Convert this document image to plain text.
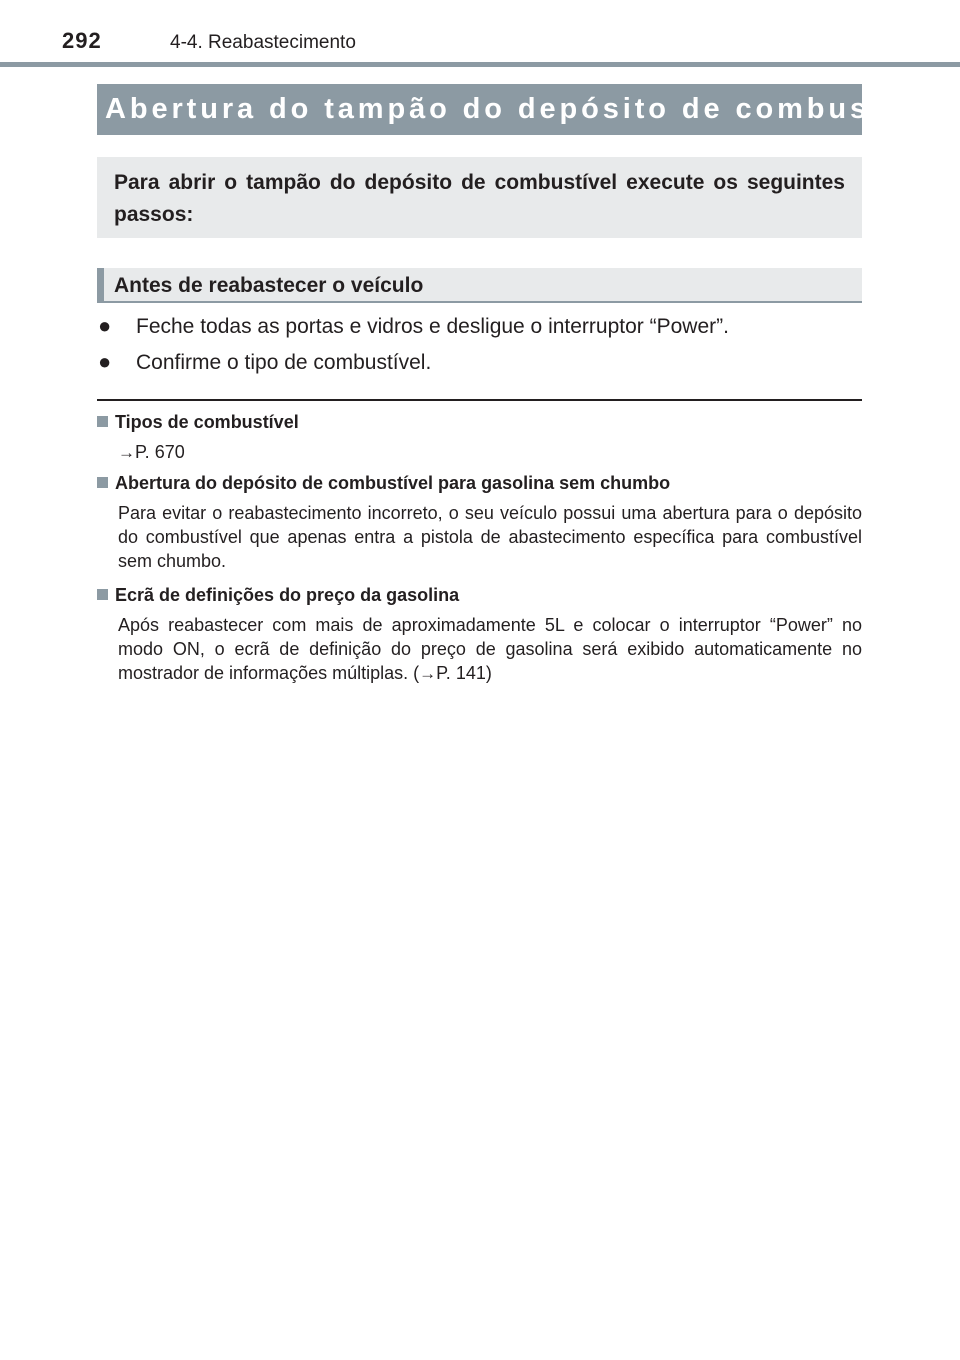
292	4-4. Reabastecimento
Abertura do tampão do depósito de combustível
Para abrir o tampão do depósito de combustível execute os seguintes passos:
Antes de reabastecer o veículo
● Feche todas as portas e vidros e desligue o interruptor “Power”.
● Confirme o tipo de combustível.
Tipos de combustível
→P. 670
Abertura do depósito de combustível para gasolina sem chumbo
Para evitar o reabastecimento incorreto, o seu veículo possui uma abertura para o depósito do combustível que apenas entra a pistola de abastecimento específica para combustível sem chumbo.
Ecrã de definições do preço da gasolina
Após reabastecer com mais de aproximadamente 5L e colocar o interruptor “Power” no modo ON, o ecrã de definição do preço de gasolina será exibido automaticamente no mostrador de informações múltiplas. (→P. 141)
